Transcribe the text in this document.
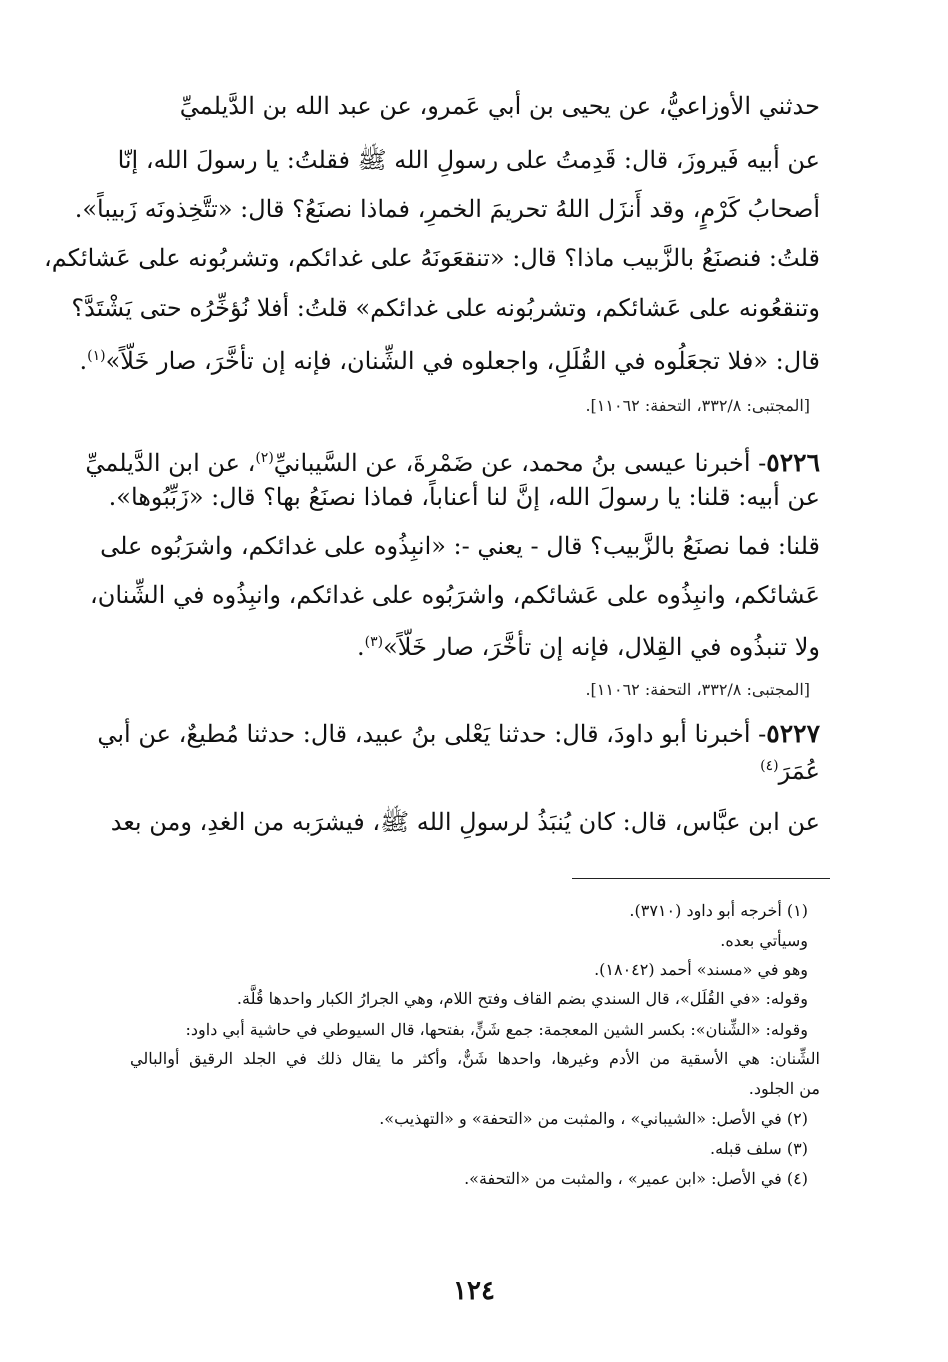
حدثني الأوزاعيُّ، عن يحيى بن أبي عَمرو، عن عبد الله بن الدَّيلميِّ
عن أبيه فَيروزَ، قال: قَدِمتُ على رسولِ الله ﷺ فقلتُ: يا رسولَ الله، إنّا
أصحابُ كَرْمٍ، وقد أَنزَل اللهُ تحريمَ الخمرِ، فماذا نصنَعُ؟ قال: «تتَّخِذونَه زَبيباً».
قلتُ: فنصنَعُ بالزَّبيب ماذا؟ قال: «تنقعَونَهُ على غدائكم، وتشربُونه على عَشائكم،
وتنقعُونه على عَشائكم، وتشربُونه على غدائكم» قلتُ: أفلا نُؤخِّرُه حتى يَشْتَدَّ؟
قال: «فلا تجعَلُوه في القُلَلِ، واجعلوه في الشِّنان، فإنه إن تأخَّرَ، صار خَلّاً»$^{(١)}$.
[المجتبى: ٣٣٢/٨، التحفة: ١١٠٦٢].
٥٢٢٦- أخبرنا عيسى بنُ محمد، عن ضَمْرةَ، عن السَّيبانيِّ$^{(٢)}$، عن ابن الدَّيلميِّ
عن أبيه: قلنا: يا رسولَ الله، إنَّ لنا أعناباً، فماذا نصنَعُ بها؟ قال: «زَبِّبُوها».
قلنا: فما نصنَعُ بالزَّبيب؟ قال - يعني -: «انبِذُوه على غدائكم، واشرَبُوه على
عَشائكم، وانبِذُوه على عَشائكم، واشرَبُوه على غدائكم، وانبِذُوه في الشِّنان،
ولا تنبذُوه في القِلال، فإنه إن تأخَّرَ، صار خَلّاً»$^{(٣)}$.
[المجتبى: ٣٣٢/٨، التحفة: ١١٠٦٢].
٥٢٢٧- أخبرنا أبو داودَ، قال: حدثنا يَعْلى بنُ عبيد، قال: حدثنا مُطيعٌ، عن أبي
عُمَرَ$^{(٤)}$
عن ابن عبَّاس، قال: كان يُنبَذُ لرسولِ الله ﷺ، فيشرَبه من الغدِ، ومن بعد
(١) أخرجه أبو داود (٣٧١٠).
وسيأتي بعده.
وهو في «مسند» أحمد (١٨٠٤٢).
وقوله: «في القُلَل»، قال السندي بضم القاف وفتح اللام، وهي الجرارُ الكبار واحدها قُلَّة.
وقوله: «الشِّنان»: بكسر الشين المعجمة: جمع شَنٍّ، بفتحها، قال السيوطي في حاشية أبي داود:
الشِّنان: هي الأسقية من الأدم وغيرها، واحدها شَنٌّ، وأكثر ما يقال ذلك في الجلد الرقيق أوالبالي
من الجلود.
(٢) في الأصل: «الشيباني» ، والمثبت من «التحفة» و «التهذيب».
(٣) سلف قبله.
(٤) في الأصل: «ابن عمير» ، والمثبت من «التحفة».
١٢٤
